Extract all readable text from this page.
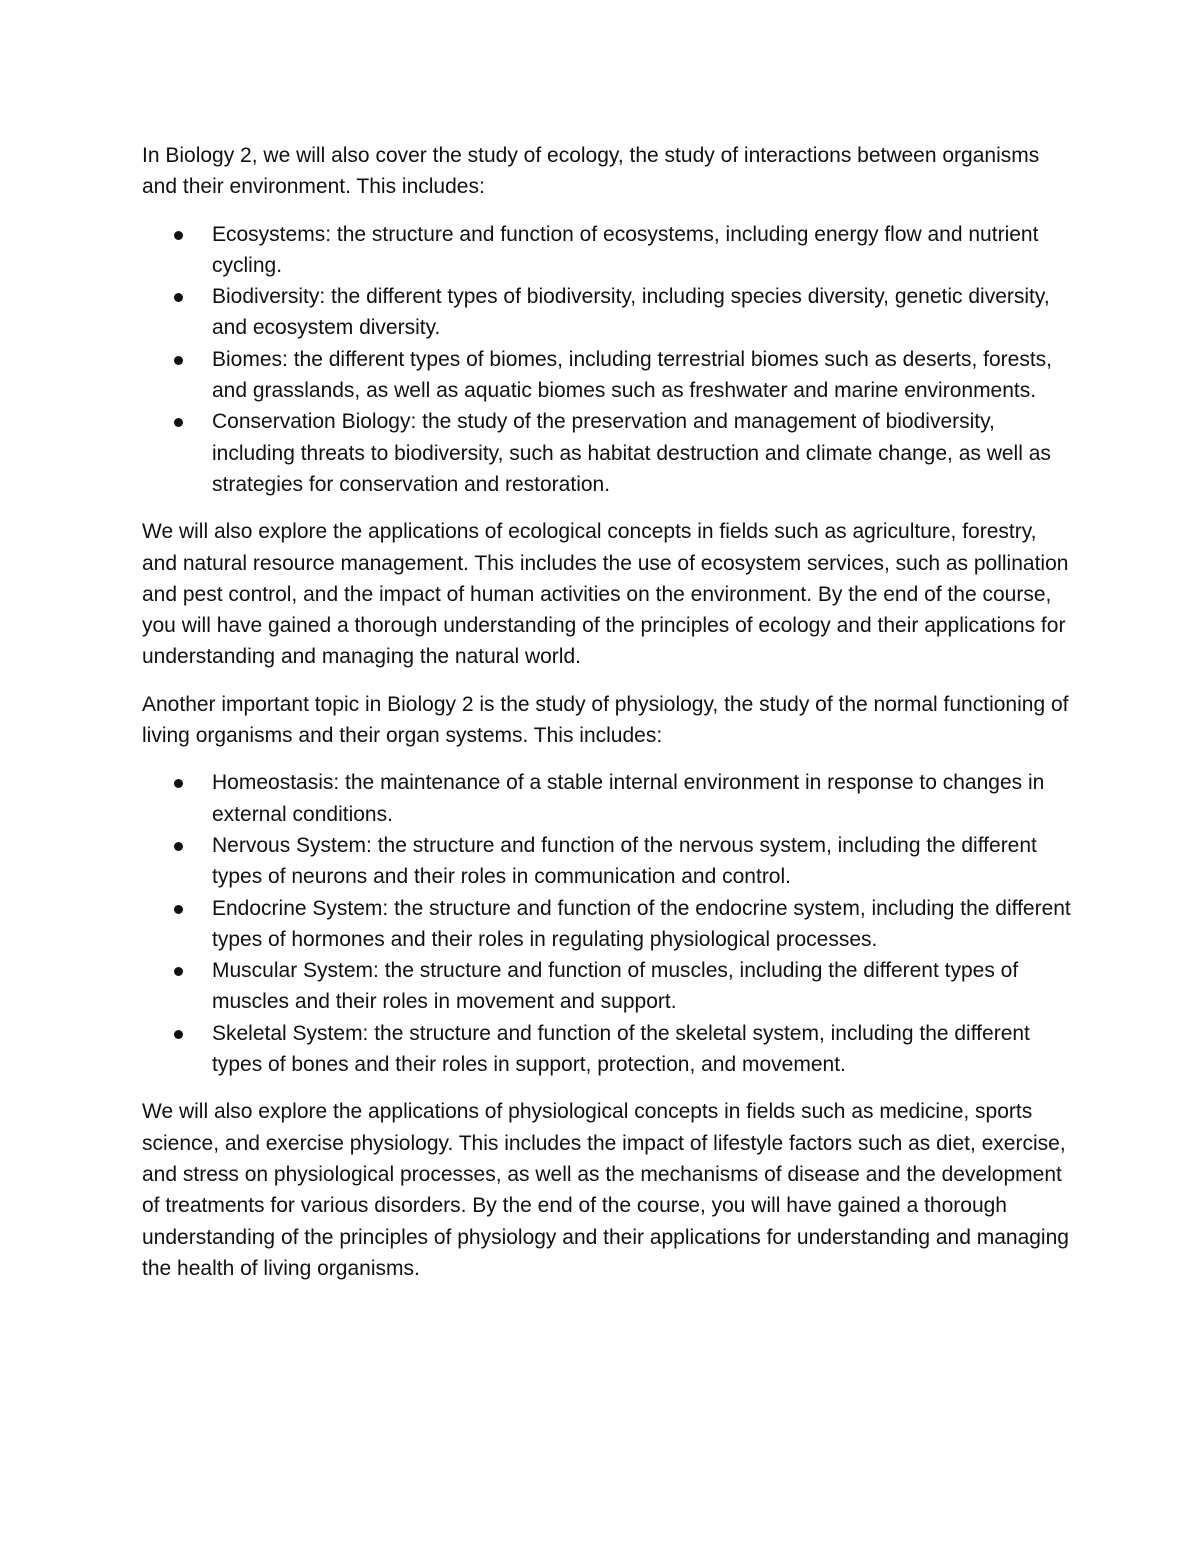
In Biology 2, we will also cover the study of ecology, the study of interactions between organisms and their environment. This includes:

Ecosystems: the structure and function of ecosystems, including energy flow and nutrient cycling.
Biodiversity: the different types of biodiversity, including species diversity, genetic diversity, and ecosystem diversity.
Biomes: the different types of biomes, including terrestrial biomes such as deserts, forests, and grasslands, as well as aquatic biomes such as freshwater and marine environments.
Conservation Biology: the study of the preservation and management of biodiversity, including threats to biodiversity, such as habitat destruction and climate change, as well as strategies for conservation and restoration.

We will also explore the applications of ecological concepts in fields such as agriculture, forestry, and natural resource management. This includes the use of ecosystem services, such as pollination and pest control, and the impact of human activities on the environment. By the end of the course, you will have gained a thorough understanding of the principles of ecology and their applications for understanding and managing the natural world.

Another important topic in Biology 2 is the study of physiology, the study of the normal functioning of living organisms and their organ systems. This includes:

Homeostasis: the maintenance of a stable internal environment in response to changes in external conditions.
Nervous System: the structure and function of the nervous system, including the different types of neurons and their roles in communication and control.
Endocrine System: the structure and function of the endocrine system, including the different types of hormones and their roles in regulating physiological processes.
Muscular System: the structure and function of muscles, including the different types of muscles and their roles in movement and support.
Skeletal System: the structure and function of the skeletal system, including the different types of bones and their roles in support, protection, and movement.

We will also explore the applications of physiological concepts in fields such as medicine, sports science, and exercise physiology. This includes the impact of lifestyle factors such as diet, exercise, and stress on physiological processes, as well as the mechanisms of disease and the development of treatments for various disorders. By the end of the course, you will have gained a thorough understanding of the principles of physiology and their applications for understanding and managing the health of living organisms.
